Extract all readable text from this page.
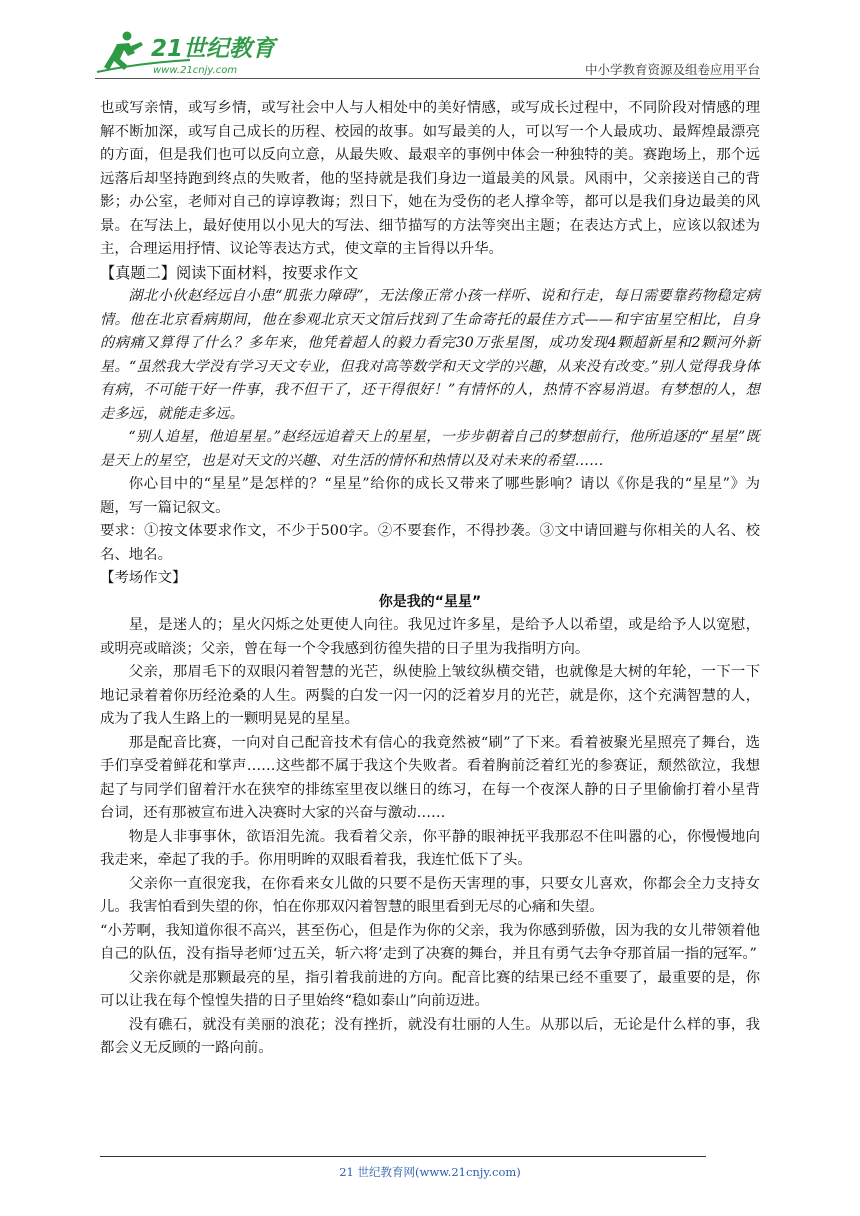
21世纪教育
www.21cnjy.com	中小学教育资源及组卷应用平台

也或写亲情，或写乡情，或写社会中人与人相处中的美好情感，或写成长过程中，不同阶段对情感的理解不断加深，或写自己成长的历程、校园的故事。如写最美的人，可以写一个人最成功、最辉煌最漂亮的方面，但是我们也可以反向立意，从最失败、最艰辛的事例中体会一种独特的美。赛跑场上，那个远远落后却坚持跑到终点的失败者，他的坚持就是我们身边一道最美的风景。风雨中，父亲接送自己的背影；办公室，老师对自己的谆谆教诲；烈日下，她在为受伤的老人撑伞等，都可以是我们身边最美的风景。在写法上，最好使用以小见大的写法、细节描写的方法等突出主题；在表达方式上，应该以叙述为主，合理运用抒情、议论等表达方式，使文章的主旨得以升华。

【真题二】阅读下面材料，按要求作文

湖北小伙赵经远自小患“肌张力障碍”，无法像正常小孩一样听、说和行走，每日需要靠药物稳定病情。他在北京看病期间，他在参观北京天文馆后找到了生命寄托的最佳方式——和宇宙星空相比，自身的病痛又算得了什么？多年来，他凭着超人的毅力看完30万张星图，成功发现4颗超新星和2颗河外新星。“虽然我大学没有学习天文专业，但我对高等数学和天文学的兴趣，从来没有改变。”别人觉得我身体有病，不可能干好一件事，我不但干了，还干得很好！”有情怀的人，热情不容易消退。有梦想的人，想走多远，就能走多远。

“别人追星，他追星星。”赵经远追着天上的星星，一步步朝着自己的梦想前行，他所追逐的“星星”既是天上的星空，也是对天文的兴趣、对生活的情怀和热情以及对未来的希望……

你心目中的“星星”是怎样的？“星星”给你的成长又带来了哪些影响？请以《你是我的“星星”》为题，写一篇记叙文。

要求：①按文体要求作文，不少于500字。②不要套作，不得抄袭。③文中请回避与你相关的人名、校名、地名。

【考场作文】

你是我的“星星”

星，是迷人的；星火闪烁之处更使人向往。我见过许多星，是给予人以希望，或是给予人以宽慰，或明亮或暗淡；父亲，曾在每一个令我感到彷徨失措的日子里为我指明方向。

父亲，那眉毛下的双眼闪着智慧的光芒，纵使脸上皱纹纵横交错，也就像是大树的年轮，一下一下地记录着着你历经沧桑的人生。两鬓的白发一闪一闪的泛着岁月的光芒，就是你，这个充满智慧的人，成为了我人生路上的一颗明晃晃的星星。

那是配音比赛，一向对自己配音技术有信心的我竟然被“刷”了下来。看着被聚光星照亮了舞台，选手们享受着鲜花和掌声……这些都不属于我这个失败者。看着胸前泛着红光的参赛证，颓然欲泣，我想起了与同学们留着汗水在狭窄的排练室里夜以继日的练习，在每一个夜深人静的日子里偷偷打着小星背台词，还有那被宣布进入决赛时大家的兴奋与激动……

物是人非事事休，欲语泪先流。我看着父亲，你平静的眼神抚平我那忍不住叫嚣的心，你慢慢地向我走来，牵起了我的手。你用明眸的双眼看着我，我连忙低下了头。

父亲你一直很宠我，在你看来女儿做的只要不是伤天害理的事，只要女儿喜欢，你都会全力支持女儿。我害怕看到失望的你，怕在你那双闪着智慧的眼里看到无尽的心痛和失望。

“小芳啊，我知道你很不高兴，甚至伤心，但是作为你的父亲，我为你感到骄傲，因为我的女儿带领着他自己的队伍，没有指导老师‘过五关，斩六将’走到了决赛的舞台，并且有勇气去争夺那首届一指的冠军。”

父亲你就是那颗最亮的星，指引着我前进的方向。配音比赛的结果已经不重要了，最重要的是，你可以让我在每个惶惶失措的日子里始终“稳如泰山”向前迈进。

没有礁石，就没有美丽的浪花；没有挫折，就没有壮丽的人生。从那以后，无论是什么样的事，我都会义无反顾的一路向前。

21 世纪教育网(www.21cnjy.com)
